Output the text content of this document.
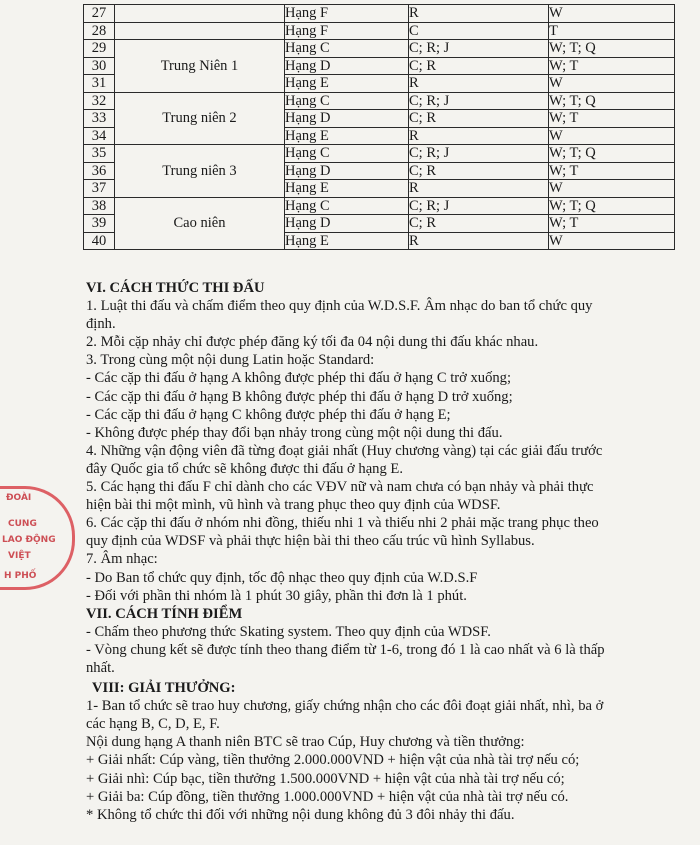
27		Hạng F	R	W
28		Hạng F	C	T
29	Trung Niên 1	Hạng C	C; R; J	W; T; Q
30		Hạng D	C; R	W; T
31		Hạng E	R	W
32	Trung niên 2	Hạng C	C; R; J	W; T; Q
33		Hạng D	C; R	W; T
34		Hạng E	R	W
35	Trung niên 3	Hạng C	C; R; J	W; T; Q
36		Hạng D	C; R	W; T
37		Hạng E	R	W
38	Cao niên	Hạng C	C; R; J	W; T; Q
39		Hạng D	C; R	W; T
40		Hạng E	R	W
VI. CÁCH THỨC THI ĐẤU

1. Luật thi đấu và chấm điểm theo quy định của W.D.S.F. Âm nhạc do ban tổ chức quy

định.

2. Mỗi cặp nhảy chỉ được phép đăng ký tối đa 04 nội dung thi đấu khác nhau.

3. Trong cùng một nội dung Latin hoặc Standard:

- Các cặp thi đấu ở hạng A không được phép thi đấu ở hạng C trở xuống;

- Các cặp thi đấu ở hạng B không được phép thi đấu ở hạng D trở xuống;

- Các cặp thi đấu ở hạng C không được phép thi đấu ở hạng E;

- Không được phép thay đổi bạn nhảy trong cùng một nội dung thi đấu.

4. Những vận động viên đã từng đoạt giải nhất (Huy chương vàng) tại các giải đấu trước

đây Quốc gia tổ chức sẽ không được thi đấu ở hạng E.

5. Các hạng thi đấu F chỉ dành cho các VĐV nữ và nam chưa có bạn nhảy và phải thực

hiện bài thi một mình, vũ hình và trang phục theo quy định của WDSF.

6. Các cặp thi đấu ở nhóm nhi đồng, thiếu nhi 1 và thiếu nhi 2 phải mặc trang phục theo

quy định của WDSF và phải thực hiện bài thi theo cấu trúc vũ hình Syllabus.

7. Âm nhạc:

- Do Ban tổ chức quy định, tốc độ nhạc theo quy định của W.D.S.F

- Đối với phần thi nhóm là 1 phút 30 giây, phần thi đơn là 1 phút.

VII. CÁCH TÍNH ĐIỂM

- Chấm theo phương thức Skating system. Theo quy định của WDSF.

- Vòng chung kết sẽ được tính theo thang điểm từ 1-6, trong đó 1 là cao nhất và 6 là thấp

nhất.

VIII: GIẢI THƯỞNG:

1- Ban tổ chức sẽ trao huy chương, giấy chứng nhận cho các đôi đoạt giải nhất, nhì, ba ở

các hạng B, C, D, E, F.

Nội dung hạng A thanh niên BTC sẽ trao Cúp, Huy chương và tiền thưởng:

+ Giải nhất: Cúp vàng, tiền thưởng 2.000.000VND + hiện vật của nhà tài trợ nếu có;

+ Giải nhì: Cúp bạc, tiền thưởng 1.500.000VND + hiện vật của nhà tài trợ nếu có;

+ Giải ba: Cúp đồng, tiền thưởng 1.000.000VND + hiện vật của nhà tài trợ nếu có.

* Không tổ chức thi đối với những nội dung không đủ 3 đôi nhảy thi đấu.

ĐOÀI
CUNG
LAO ĐỘNG
VIỆT
H PHỐ
